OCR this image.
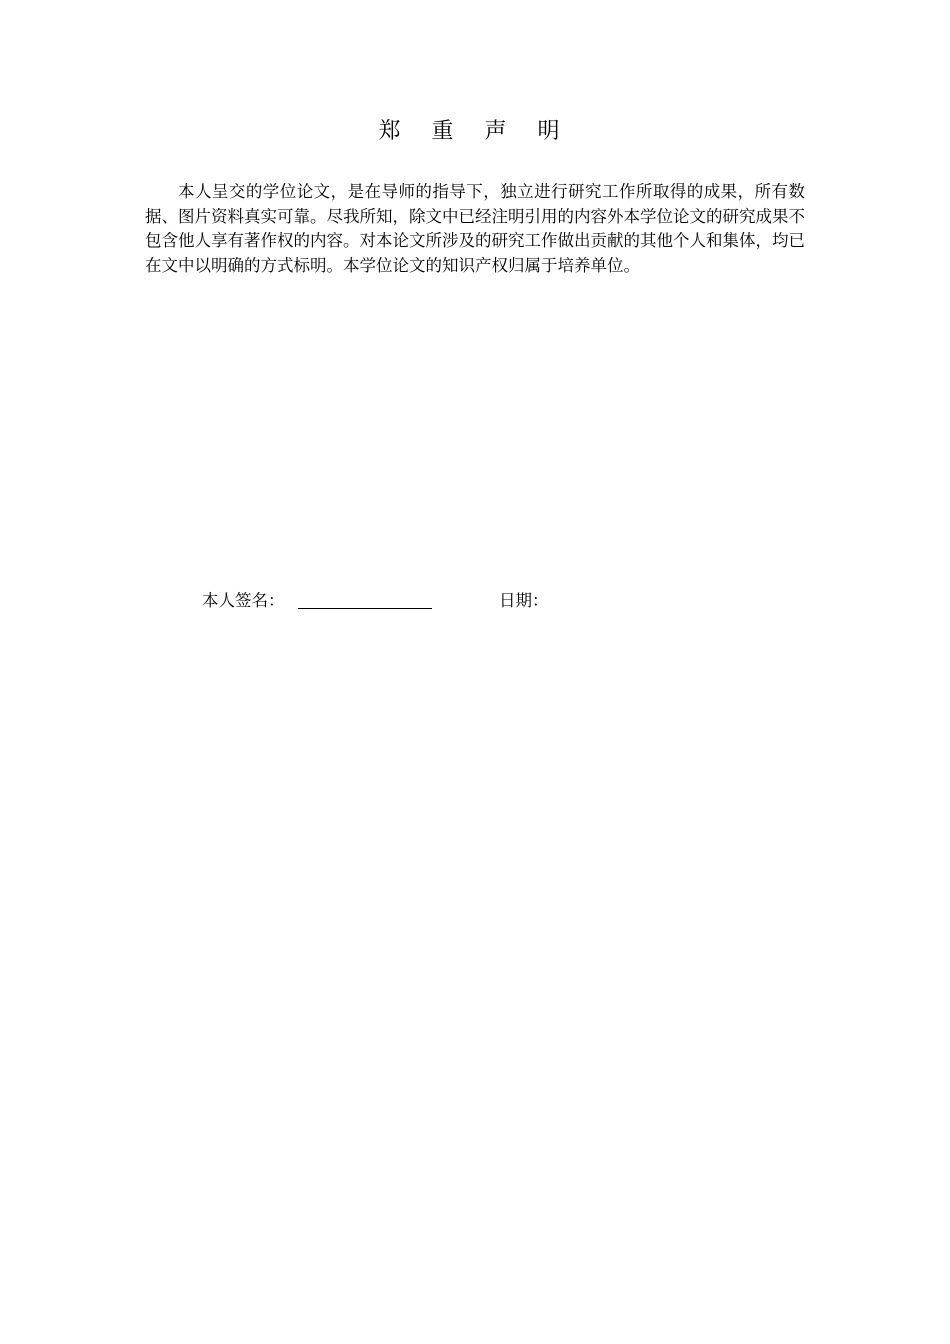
郑 重 声 明
本人呈交的学位论文，是在导师的指导下，独立进行研究工作所取得的成果，所有数据、图片资料真实可靠。尽我所知，除文中已经注明引用的内容外本学位论文的研究成果不包含他人享有著作权的内容。对本论文所涉及的研究工作做出贡献的其他个人和集体，均已在文中以明确的方式标明。本学位论文的知识产权归属于培养单位。
本人签名：	日期：
